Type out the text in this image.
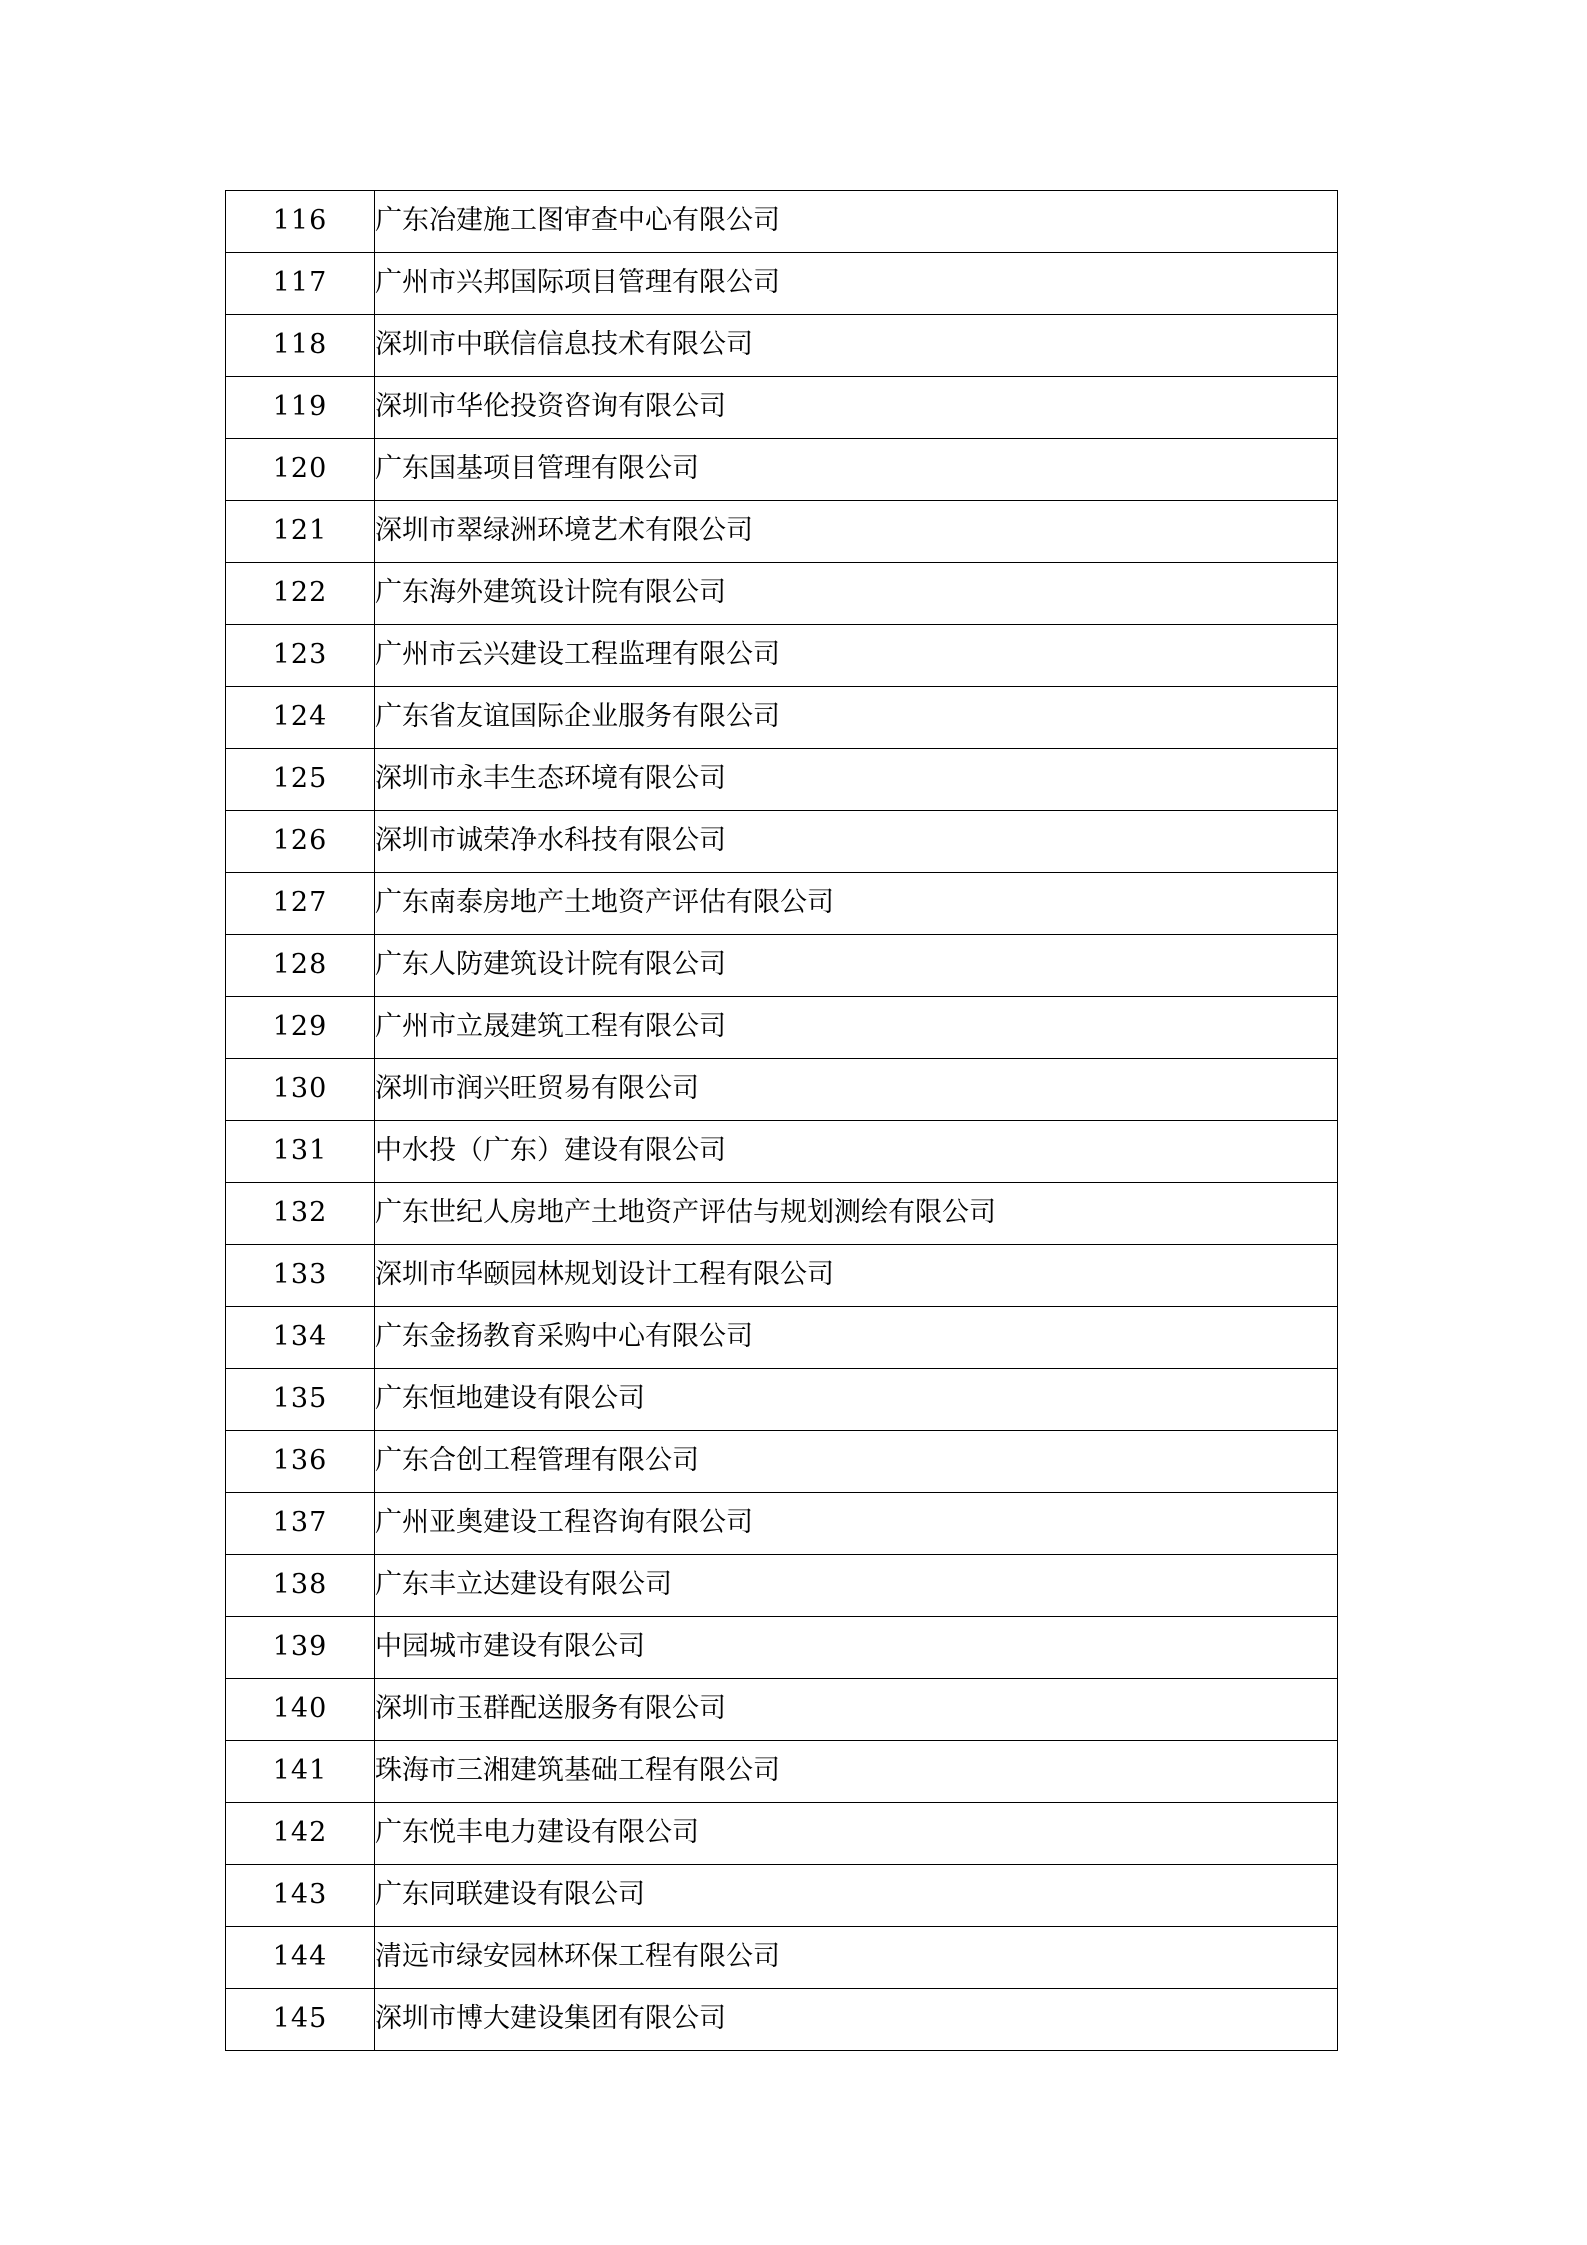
116	广东冶建施工图审查中心有限公司
117	广州市兴邦国际项目管理有限公司
118	深圳市中联信信息技术有限公司
119	深圳市华伦投资咨询有限公司
120	广东国基项目管理有限公司
121	深圳市翠绿洲环境艺术有限公司
122	广东海外建筑设计院有限公司
123	广州市云兴建设工程监理有限公司
124	广东省友谊国际企业服务有限公司
125	深圳市永丰生态环境有限公司
126	深圳市诚荣净水科技有限公司
127	广东南泰房地产土地资产评估有限公司
128	广东人防建筑设计院有限公司
129	广州市立晟建筑工程有限公司
130	深圳市润兴旺贸易有限公司
131	中水投（广东）建设有限公司
132	广东世纪人房地产土地资产评估与规划测绘有限公司
133	深圳市华颐园林规划设计工程有限公司
134	广东金扬教育采购中心有限公司
135	广东恒地建设有限公司
136	广东合创工程管理有限公司
137	广州亚奥建设工程咨询有限公司
138	广东丰立达建设有限公司
139	中园城市建设有限公司
140	深圳市玉群配送服务有限公司
141	珠海市三湘建筑基础工程有限公司
142	广东悦丰电力建设有限公司
143	广东同联建设有限公司
144	清远市绿安园林环保工程有限公司
145	深圳市博大建设集团有限公司
